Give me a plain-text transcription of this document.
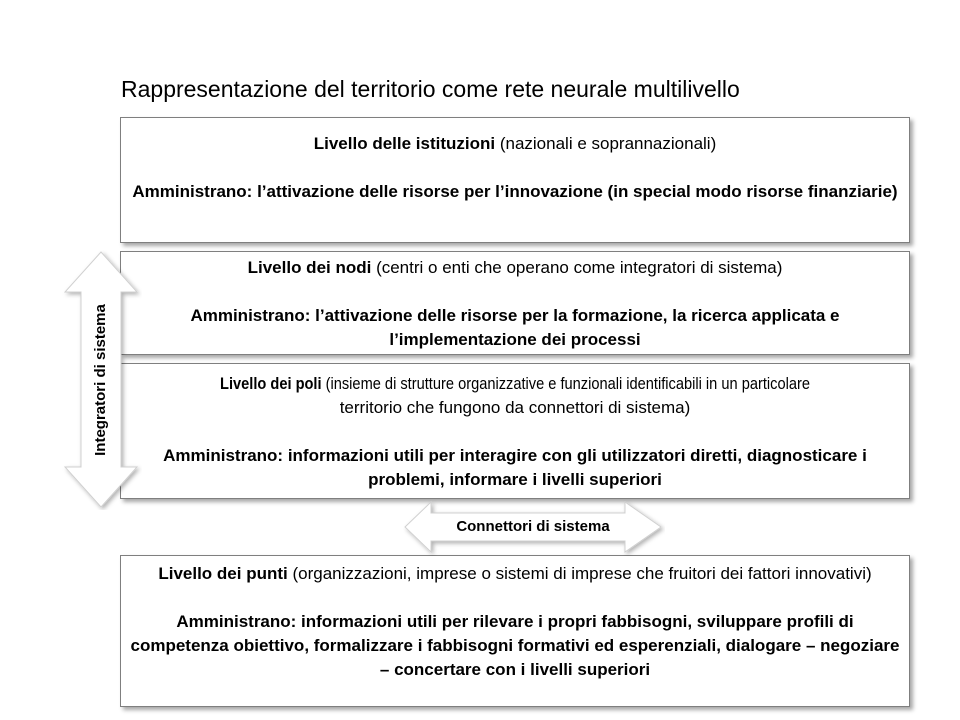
Rappresentazione del territorio come rete neurale multilivello

Livello delle istituzioni (nazionali e soprannazionali)

Amministrano: l’attivazione delle risorse per l’innovazione (in special modo risorse finanziarie)

Livello dei nodi (centri o enti che operano come integratori di sistema)

Amministrano: l’attivazione delle risorse per la formazione, la ricerca applicata e l’implementazione dei processi

Livello dei poli (insieme di strutture organizzative e funzionali identificabili in un particolare

territorio che fungono da connettori di sistema)

Amministrano: informazioni utili per interagire con gli utilizzatori diretti, diagnosticare i problemi, informare i livelli superiori

Integratori di sistema

Livello dei punti (organizzazioni, imprese o sistemi di imprese che fruitori dei fattori innovativi)

Amministrano: informazioni utili per rilevare i propri fabbisogni, sviluppare profili di competenza obiettivo, formalizzare i fabbisogni formativi ed esperenziali, dialogare – negoziare – concertare con i livelli superiori

Connettori di sistema
